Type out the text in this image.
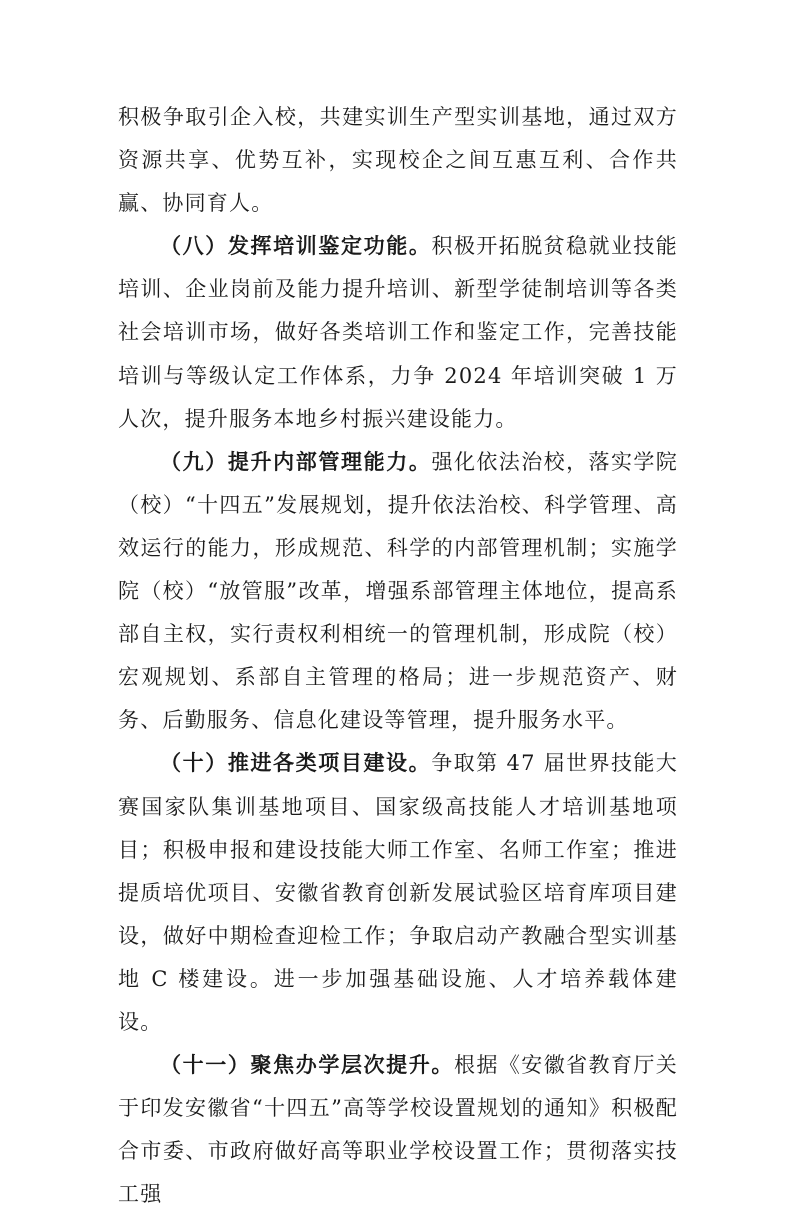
积极争取引企入校，共建实训生产型实训基地，通过双方资源共享、优势互补，实现校企之间互惠互利、合作共赢、协同育人。

（八）发挥培训鉴定功能。积极开拓脱贫稳就业技能培训、企业岗前及能力提升培训、新型学徒制培训等各类社会培训市场，做好各类培训工作和鉴定工作，完善技能培训与等级认定工作体系，力争 2024 年培训突破 1 万人次，提升服务本地乡村振兴建设能力。

（九）提升内部管理能力。强化依法治校，落实学院（校）“十四五”发展规划，提升依法治校、科学管理、高效运行的能力，形成规范、科学的内部管理机制；实施学院（校）“放管服”改革，增强系部管理主体地位，提高系部自主权，实行责权利相统一的管理机制，形成院（校）宏观规划、系部自主管理的格局；进一步规范资产、财务、后勤服务、信息化建设等管理，提升服务水平。

（十）推进各类项目建设。争取第 47 届世界技能大赛国家队集训基地项目、国家级高技能人才培训基地项目；积极申报和建设技能大师工作室、名师工作室；推进提质培优项目、安徽省教育创新发展试验区培育库项目建设，做好中期检查迎检工作；争取启动产教融合型实训基地 C 楼建设。进一步加强基础设施、人才培养载体建设。

（十一）聚焦办学层次提升。根据《安徽省教育厅关于印发安徽省“十四五”高等学校设置规划的通知》积极配合市委、市政府做好高等职业学校设置工作；贯彻落实技工强
